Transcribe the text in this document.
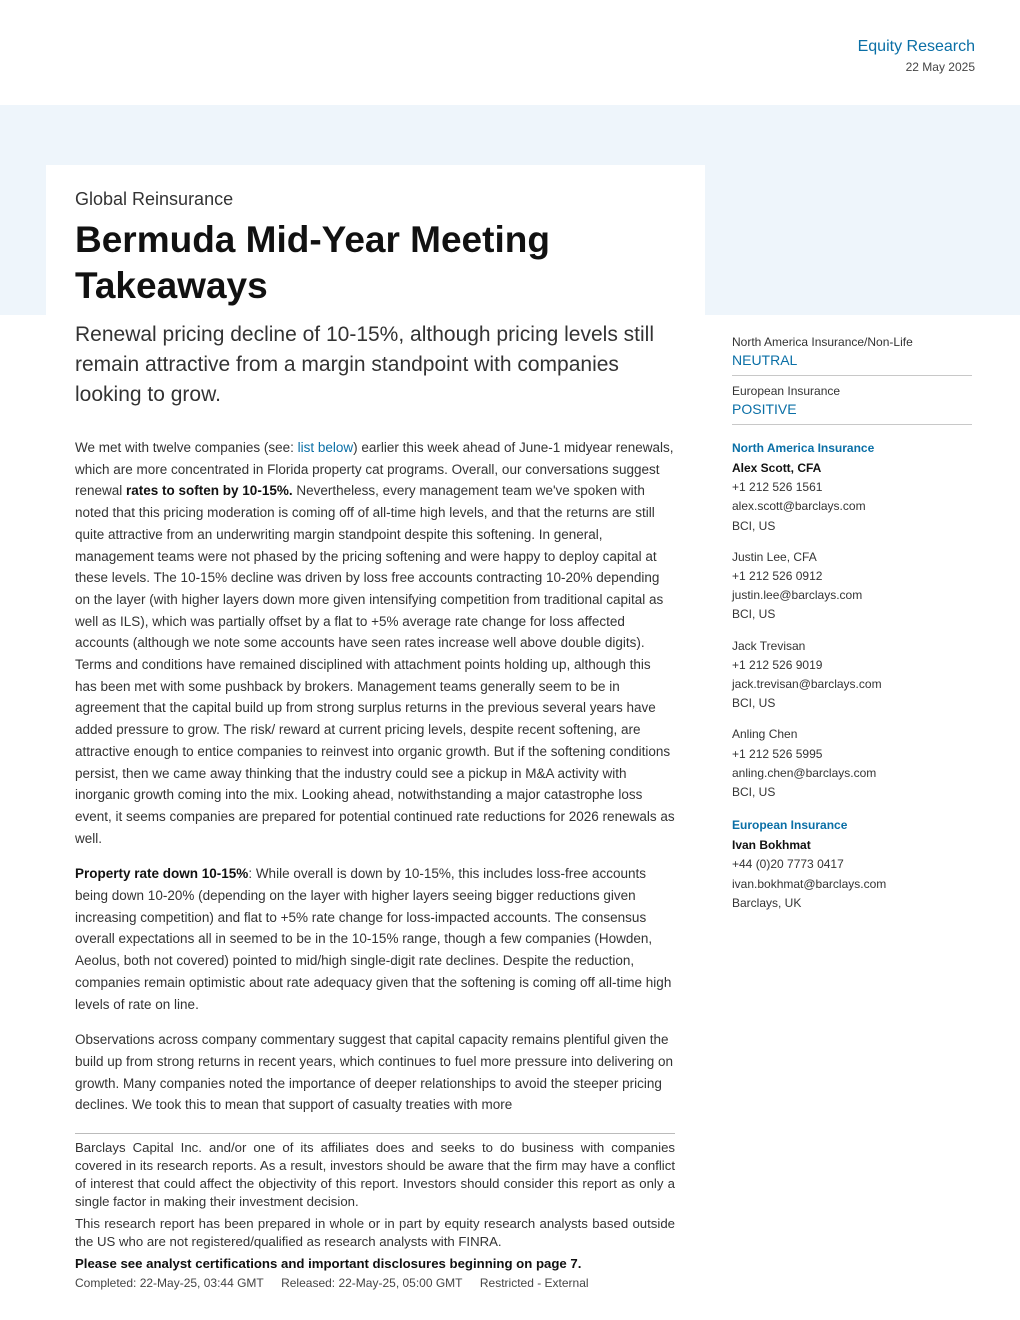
Equity Research
22 May 2025
Global Reinsurance
Bermuda Mid-Year Meeting Takeaways

Renewal pricing decline of 10-15%, although pricing levels still remain attractive from a margin standpoint with companies looking to grow.

We met with twelve companies (see: list below) earlier this week ahead of June-1 midyear renewals, which are more concentrated in Florida property cat programs. Overall, our conversations suggest renewal rates to soften by 10-15%. Nevertheless, every management team we've spoken with noted that this pricing moderation is coming off of all-time high levels, and that the returns are still quite attractive from an underwriting margin standpoint despite this softening. In general, management teams were not phased by the pricing softening and were happy to deploy capital at these levels. The 10-15% decline was driven by loss free accounts contracting 10-20% depending on the layer (with higher layers down more given intensifying competition from traditional capital as well as ILS), which was partially offset by a flat to +5% average rate change for loss affected accounts (although we note some accounts have seen rates increase well above double digits). Terms and conditions have remained disciplined with attachment points holding up, although this has been met with some pushback by brokers. Management teams generally seem to be in agreement that the capital build up from strong surplus returns in the previous several years have added pressure to grow. The risk/ reward at current pricing levels, despite recent softening, are attractive enough to entice companies to reinvest into organic growth. But if the softening conditions persist, then we came away thinking that the industry could see a pickup in M&A activity with inorganic growth coming into the mix. Looking ahead, notwithstanding a major catastrophe loss event, it seems companies are prepared for potential continued rate reductions for 2026 renewals as well.

Property rate down 10-15%: While overall is down by 10-15%, this includes loss-free accounts being down 10-20% (depending on the layer with higher layers seeing bigger reductions given increasing competition) and flat to +5% rate change for loss-impacted accounts. The consensus overall expectations all in seemed to be in the 10-15% range, though a few companies (Howden, Aeolus, both not covered) pointed to mid/high single-digit rate declines. Despite the reduction, companies remain optimistic about rate adequacy given that the softening is coming off all-time high levels of rate on line.

Observations across company commentary suggest that capital capacity remains plentiful given the build up from strong returns in recent years, which continues to fuel more pressure into delivering on growth. Many companies noted the importance of deeper relationships to avoid the steeper pricing declines. We took this to mean that support of casualty treaties with more

North America Insurance/Non-Life
NEUTRAL
European Insurance
POSITIVE
North America Insurance
Alex Scott, CFA
+1 212 526 1561
alex.scott@barclays.com
BCI, US
Justin Lee, CFA
+1 212 526 0912
justin.lee@barclays.com
BCI, US
Jack Trevisan
+1 212 526 9019
jack.trevisan@barclays.com
BCI, US
Anling Chen
+1 212 526 5995
anling.chen@barclays.com
BCI, US
European Insurance
Ivan Bokhmat
+44 (0)20 7773 0417
ivan.bokhmat@barclays.com
Barclays, UK

Barclays Capital Inc. and/or one of its affiliates does and seeks to do business with companies covered in its research reports. As a result, investors should be aware that the firm may have a conflict of interest that could affect the objectivity of this report. Investors should consider this report as only a single factor in making their investment decision.

This research report has been prepared in whole or in part by equity research analysts based outside the US who are not registered/qualified as research analysts with FINRA.

Please see analyst certifications and important disclosures beginning on page 7.

Completed: 22-May-25, 03:44 GMT Released: 22-May-25, 05:00 GMT Restricted - External
